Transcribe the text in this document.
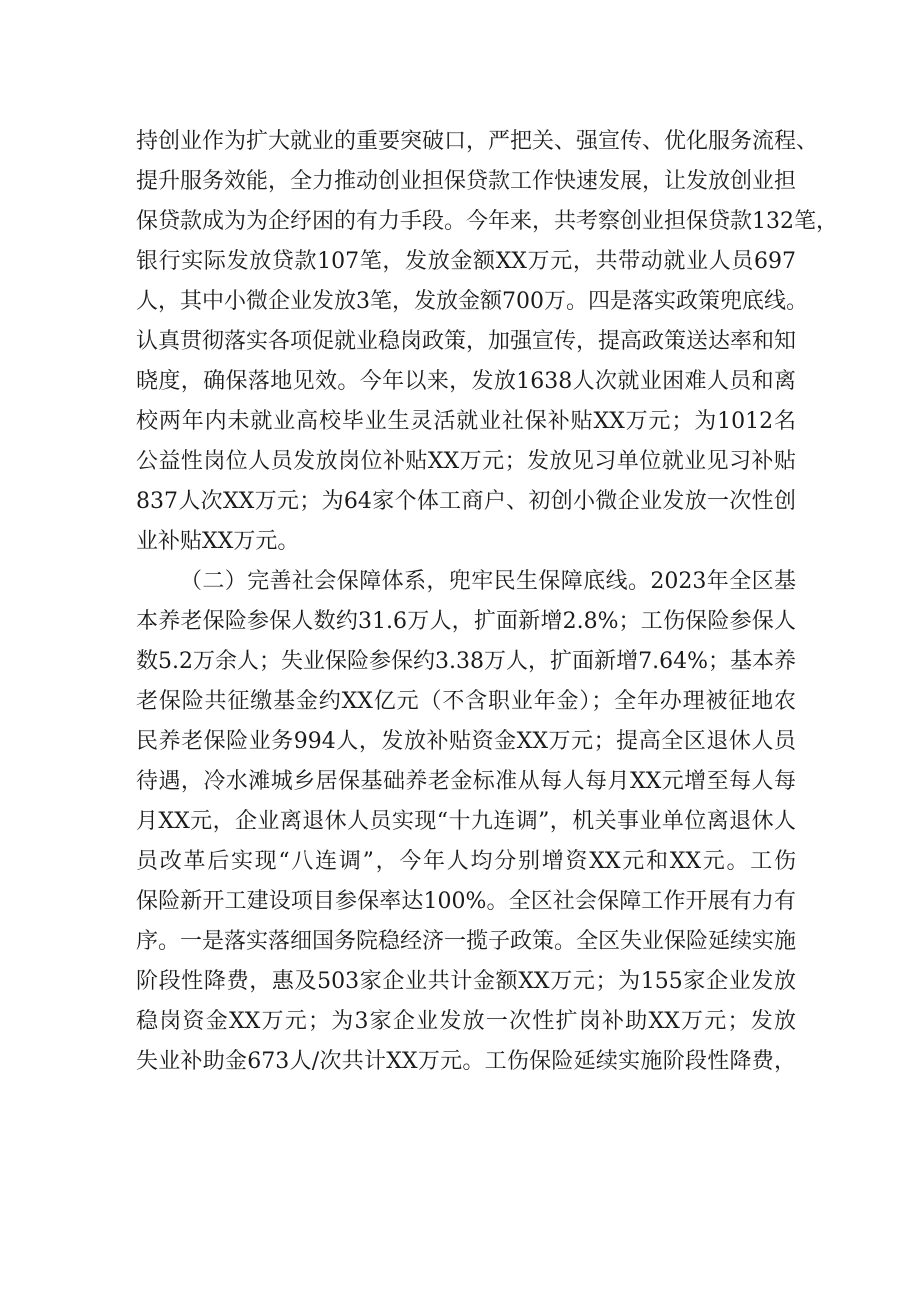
持创业作为扩大就业的重要突破口，严把关、强宣传、优化服务流程、
提升服务效能，全力推动创业担保贷款工作快速发展，让发放创业担
保贷款成为为企纾困的有力手段。今年来，共考察创业担保贷款132笔，
银行实际发放贷款107笔，发放金额XX万元，共带动就业人员697
人，其中小微企业发放3笔，发放金额700万。四是落实政策兜底线。
认真贯彻落实各项促就业稳岗政策，加强宣传，提高政策送达率和知
晓度，确保落地见效。今年以来，发放1638人次就业困难人员和离
校两年内未就业高校毕业生灵活就业社保补贴XX万元；为1012名
公益性岗位人员发放岗位补贴XX万元；发放见习单位就业见习补贴
837人次XX万元；为64家个体工商户、初创小微企业发放一次性创
业补贴XX万元。
（二）完善社会保障体系，兜牢民生保障底线。2023年全区基
本养老保险参保人数约31.6万人，扩面新增2.8%；工伤保险参保人
数5.2万余人；失业保险参保约3.38万人，扩面新增7.64%；基本养
老保险共征缴基金约XX亿元（不含职业年金）；全年办理被征地农
民养老保险业务994人，发放补贴资金XX万元；提高全区退休人员
待遇，冷水滩城乡居保基础养老金标准从每人每月XX元增至每人每
月XX元，企业离退休人员实现“十九连调”，机关事业单位离退休人
员改革后实现“八连调”，今年人均分别增资XX元和XX元。工伤
保险新开工建设项目参保率达100%。全区社会保障工作开展有力有
序。一是落实落细国务院稳经济一揽子政策。全区失业保险延续实施
阶段性降费，惠及503家企业共计金额XX万元；为155家企业发放
稳岗资金XX万元；为3家企业发放一次性扩岗补助XX万元；发放
失业补助金673人/次共计XX万元。工伤保险延续实施阶段性降费，
